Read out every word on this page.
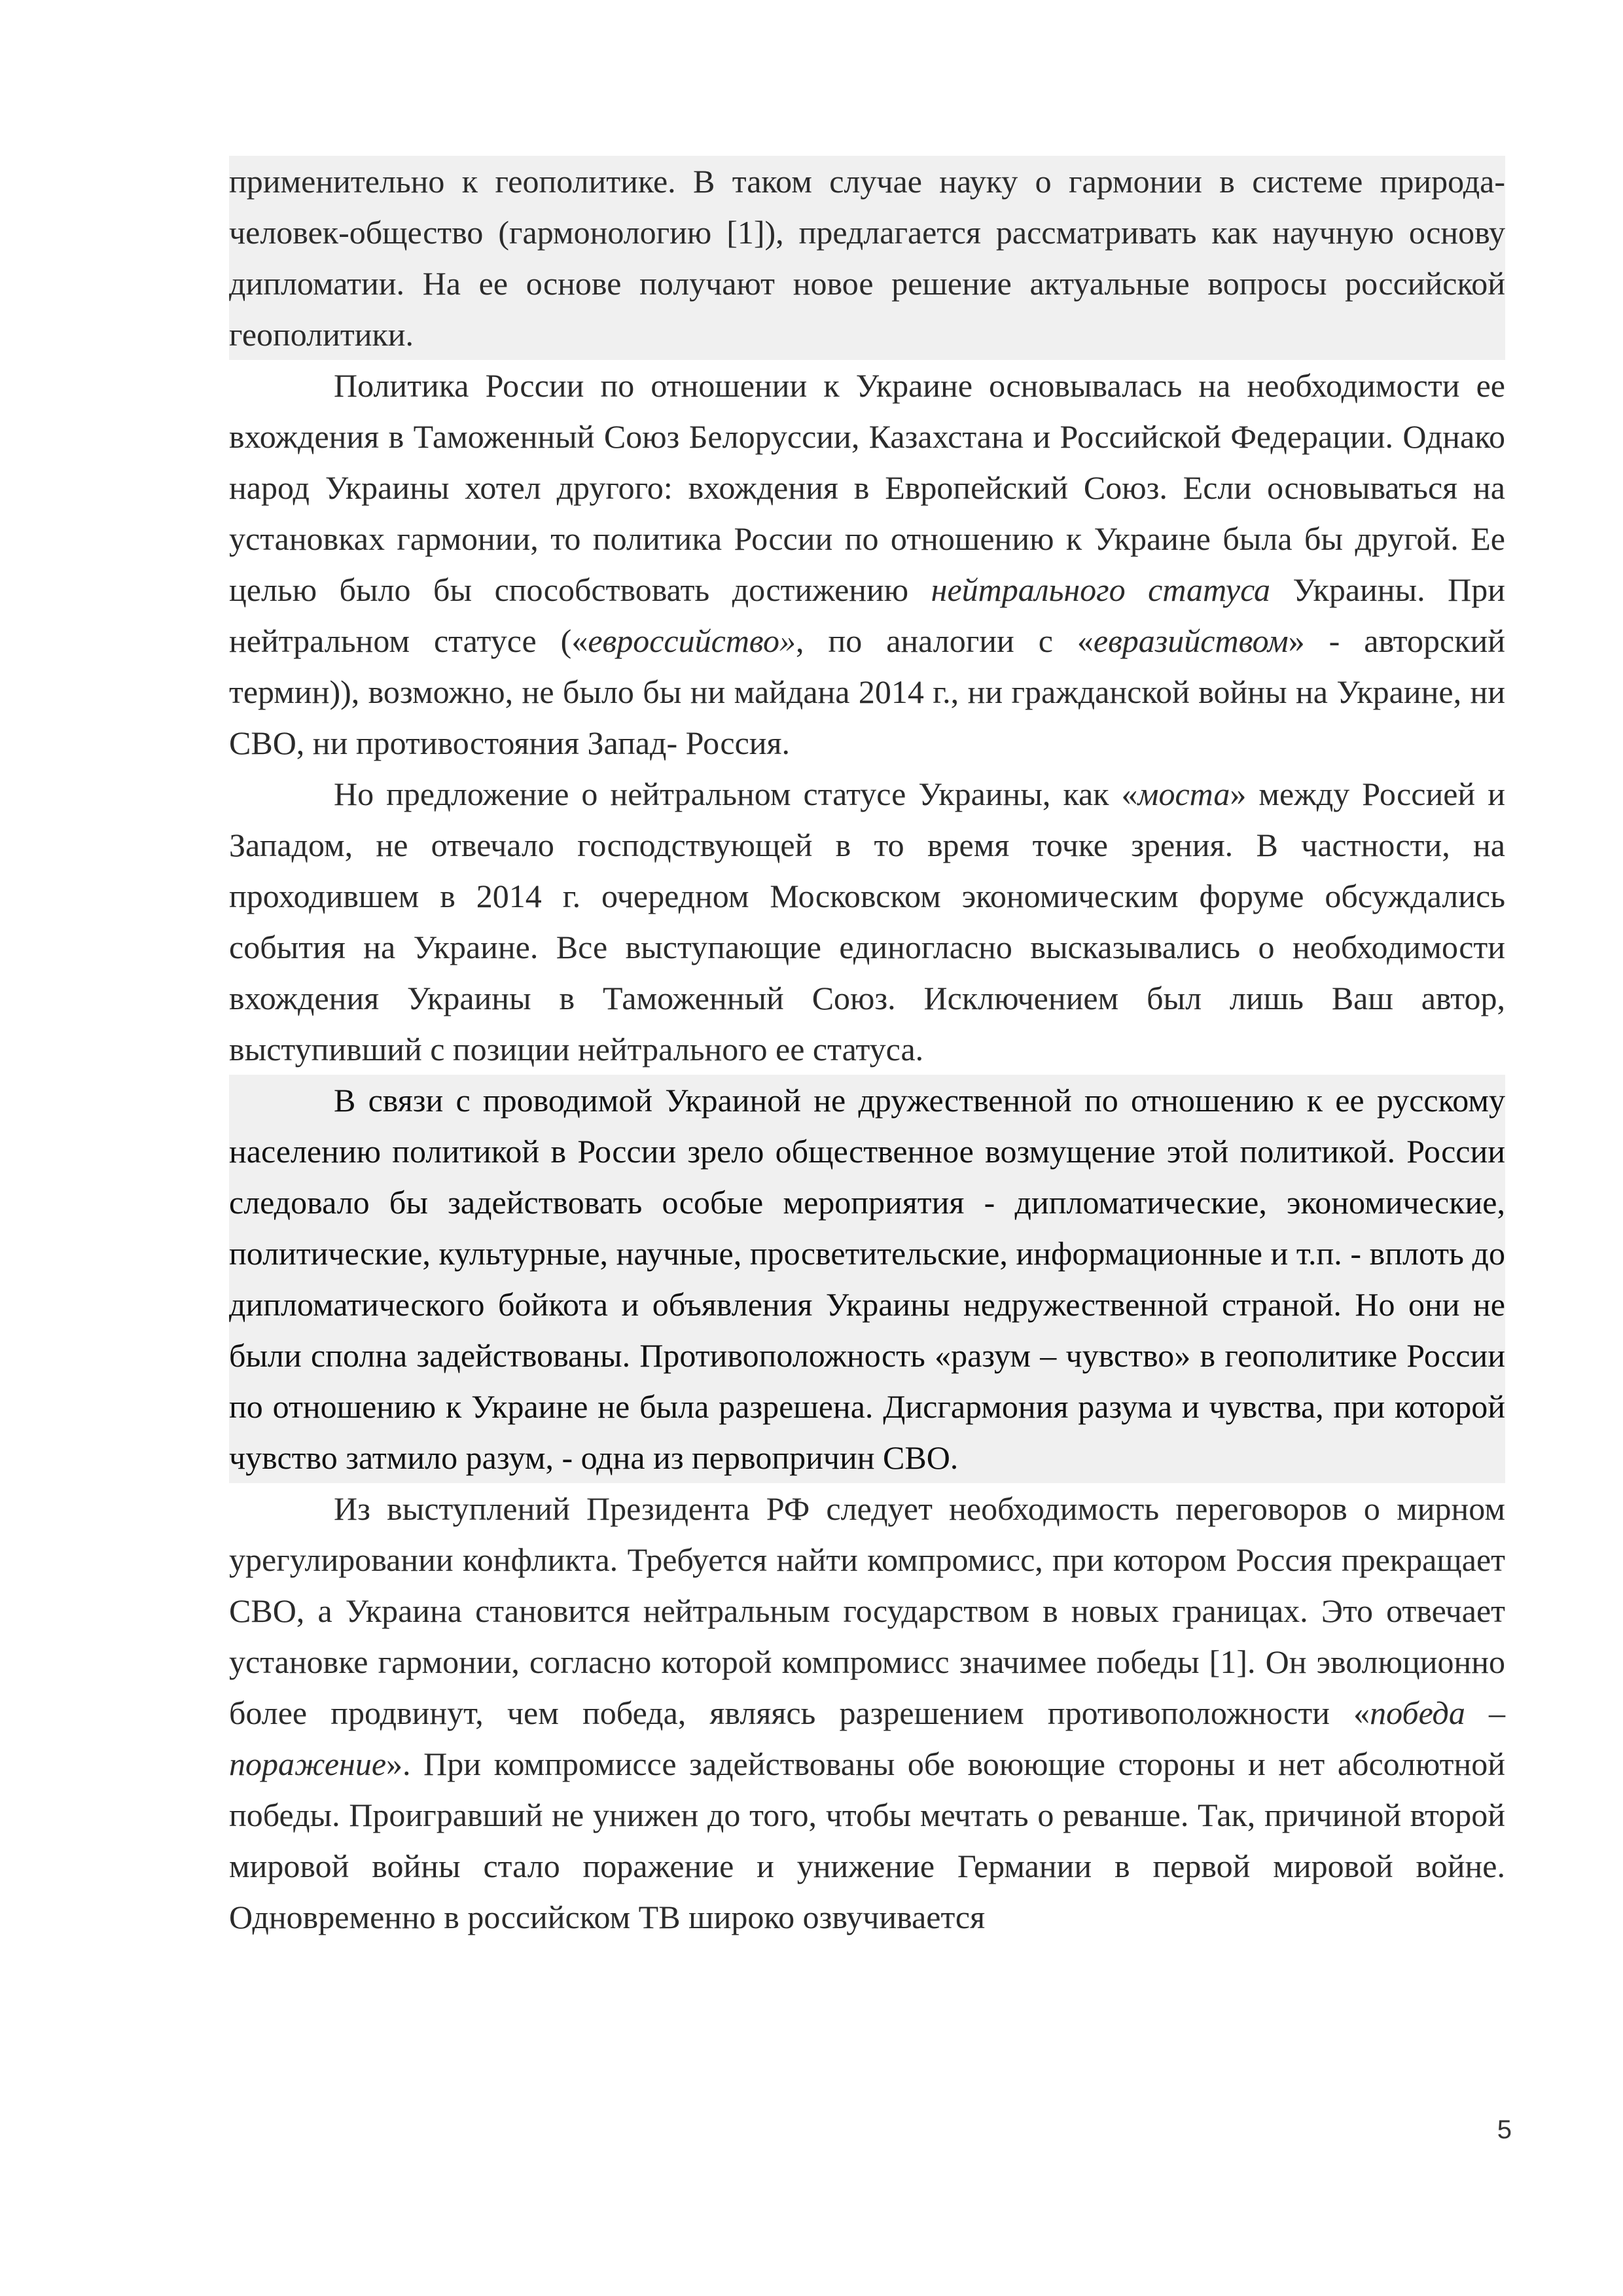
применительно к геополитике. В таком случае науку о гармонии в системе природа-человек-общество (гармонологию [1]), предлагается рассматривать как научную основу дипломатии. На ее основе получают новое решение актуальные вопросы российской геополитики.

Политика России по отношении к Украине основывалась на необходимости ее вхождения в Таможенный Союз Белоруссии, Казахстана и Российской Федерации. Однако народ Украины хотел другого: вхождения в Европейский Союз. Если основываться на установках гармонии, то политика России по отношению к Украине была бы другой. Ее целью было бы способствовать достижению нейтрального статуса Украины. При нейтральном статусе («евроссийство», по аналогии с «евразийством» - авторский термин)), возможно, не было бы ни майдана 2014 г., ни гражданской войны на Украине, ни СВО, ни противостояния Запад- Россия.

Но предложение о нейтральном статусе Украины, как «моста» между Россией и Западом, не отвечало господствующей в то время точке зрения. В частности, на проходившем в 2014 г. очередном Московском экономическим форуме обсуждались события на Украине. Все выступающие единогласно высказывались о необходимости вхождения Украины в Таможенный Союз. Исключением был лишь Ваш автор, выступивший с позиции нейтрального ее статуса.

В связи с проводимой Украиной не дружественной по отношению к ее русскому населению политикой в России зрело общественное возмущение этой политикой. России следовало бы задействовать особые мероприятия - дипломатические, экономические, политические, культурные, научные, просветительские, информационные и т.п. - вплоть до дипломатического бойкота и объявления Украины недружественной страной. Но они не были сполна задействованы. Противоположность «разум – чувство» в геополитике России по отношению к Украине не была разрешена. Дисгармония разума и чувства, при которой чувство затмило разум, - одна из первопричин СВО.

Из выступлений Президента РФ следует необходимость переговоров о мирном урегулировании конфликта. Требуется найти компромисс, при котором Россия прекращает СВО, а Украина становится нейтральным государством в новых границах. Это отвечает установке гармонии, согласно которой компромисс значимее победы [1]. Он эволюционно более продвинут, чем победа, являясь разрешением противоположности «победа – поражение». При компромиссе задействованы обе воюющие стороны и нет абсолютной победы. Проигравший не унижен до того, чтобы мечтать о реванше. Так, причиной второй мировой войны стало поражение и унижение Германии в первой мировой войне. Одновременно в российском ТВ широко озвучивается

5
